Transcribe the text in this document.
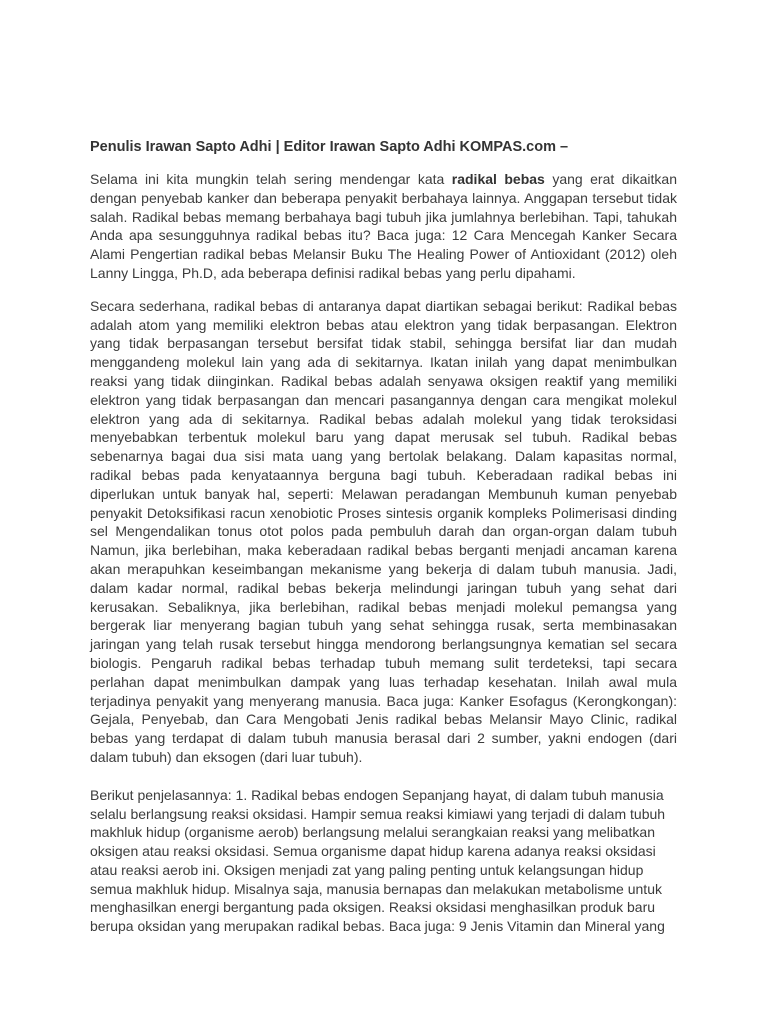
Penulis Irawan Sapto Adhi | Editor Irawan Sapto Adhi KOMPAS.com –

Selama ini kita mungkin telah sering mendengar kata radikal bebas yang erat dikaitkan dengan penyebab kanker dan beberapa penyakit berbahaya lainnya. Anggapan tersebut tidak salah. Radikal bebas memang berbahaya bagi tubuh jika jumlahnya berlebihan. Tapi, tahukah Anda apa sesungguhnya radikal bebas itu? Baca juga: 12 Cara Mencegah Kanker Secara Alami Pengertian radikal bebas Melansir Buku The Healing Power of Antioxidant (2012) oleh Lanny Lingga, Ph.D, ada beberapa definisi radikal bebas yang perlu dipahami.

Secara sederhana, radikal bebas di antaranya dapat diartikan sebagai berikut: Radikal bebas adalah atom yang memiliki elektron bebas atau elektron yang tidak berpasangan. Elektron yang tidak berpasangan tersebut bersifat tidak stabil, sehingga bersifat liar dan mudah menggandeng molekul lain yang ada di sekitarnya. Ikatan inilah yang dapat menimbulkan reaksi yang tidak diinginkan. Radikal bebas adalah senyawa oksigen reaktif yang memiliki elektron yang tidak berpasangan dan mencari pasangannya dengan cara mengikat molekul elektron yang ada di sekitarnya. Radikal bebas adalah molekul yang tidak teroksidasi menyebabkan terbentuk molekul baru yang dapat merusak sel tubuh. Radikal bebas sebenarnya bagai dua sisi mata uang yang bertolak belakang. Dalam kapasitas normal, radikal bebas pada kenyataannya berguna bagi tubuh. Keberadaan radikal bebas ini diperlukan untuk banyak hal, seperti: Melawan peradangan Membunuh kuman penyebab penyakit Detoksifikasi racun xenobiotic Proses sintesis organik kompleks Polimerisasi dinding sel Mengendalikan tonus otot polos pada pembuluh darah dan organ-organ dalam tubuh Namun, jika berlebihan, maka keberadaan radikal bebas berganti menjadi ancaman karena akan merapuhkan keseimbangan mekanisme yang bekerja di dalam tubuh manusia. Jadi, dalam kadar normal, radikal bebas bekerja melindungi jaringan tubuh yang sehat dari kerusakan. Sebaliknya, jika berlebihan, radikal bebas menjadi molekul pemangsa yang bergerak liar menyerang bagian tubuh yang sehat sehingga rusak, serta membinasakan jaringan yang telah rusak tersebut hingga mendorong berlangsungnya kematian sel secara biologis. Pengaruh radikal bebas terhadap tubuh memang sulit terdeteksi, tapi secara perlahan dapat menimbulkan dampak yang luas terhadap kesehatan. Inilah awal mula terjadinya penyakit yang menyerang manusia. Baca juga: Kanker Esofagus (Kerongkongan): Gejala, Penyebab, dan Cara Mengobati Jenis radikal bebas Melansir Mayo Clinic, radikal bebas yang terdapat di dalam tubuh manusia berasal dari 2 sumber, yakni endogen (dari dalam tubuh) dan eksogen (dari luar tubuh).

Berikut penjelasannya: 1. Radikal bebas endogen Sepanjang hayat, di dalam tubuh manusia selalu berlangsung reaksi oksidasi. Hampir semua reaksi kimiawi yang terjadi di dalam tubuh makhluk hidup (organisme aerob) berlangsung melalui serangkaian reaksi yang melibatkan oksigen atau reaksi oksidasi. Semua organisme dapat hidup karena adanya reaksi oksidasi atau reaksi aerob ini. Oksigen menjadi zat yang paling penting untuk kelangsungan hidup semua makhluk hidup. Misalnya saja, manusia bernapas dan melakukan metabolisme untuk menghasilkan energi bergantung pada oksigen. Reaksi oksidasi menghasilkan produk baru berupa oksidan yang merupakan radikal bebas. Baca juga: 9 Jenis Vitamin dan Mineral yang
